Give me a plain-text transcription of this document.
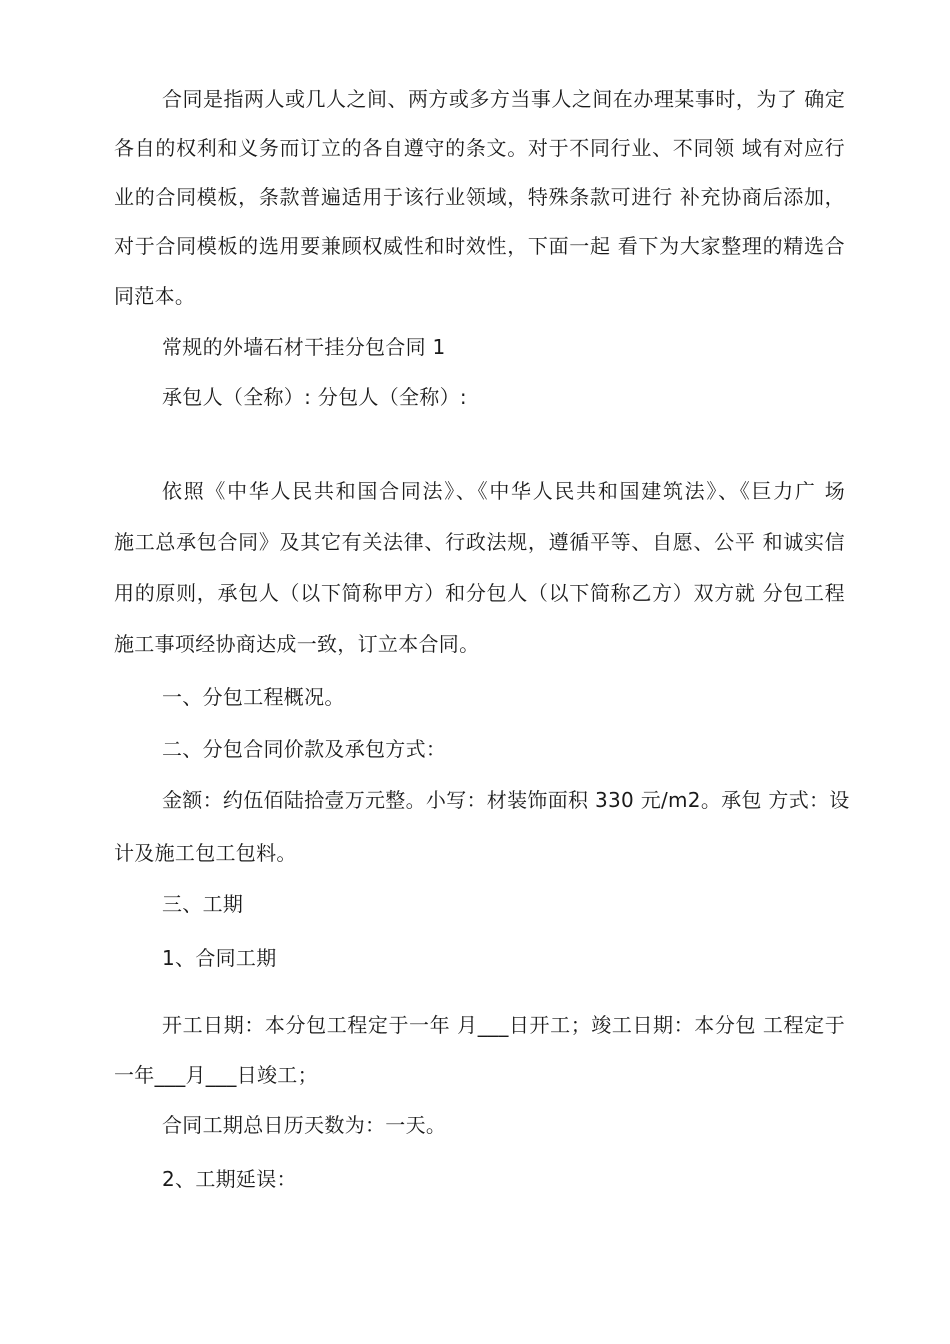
合同是指两人或几人之间、两方或多方当事人之间在办理某事时，为了 确定
各自的权利和义务而订立的各自遵守的条文。对于不同行业、不同领 域有对应行
业的合同模板，条款普遍适用于该行业领域，特殊条款可进行 补充协商后添加，
对于合同模板的选用要兼顾权威性和时效性，下面一起 看下为大家整理的精选合
同范本。
常规的外墙石材干挂分包合同 1
承包人（全称）: 分包人（全称）:
依照《中华人民共和国合同法》、《中华人民共和国建筑法》、《巨力广 场
施工总承包合同》及其它有关法律、行政法规，遵循平等、自愿、公平 和诚实信
用的原则，承包人（以下简称甲方）和分包人（以下简称乙方）双方就 分包工程
施工事项经协商达成一致，订立本合同。
一、分包工程概况。
二、分包合同价款及承包方式：
金额：约伍佰陆拾壹万元整。小写：材装饰面积 330 元/m2。承包 方式：设
计及施工包工包料。
三、工期
1、合同工期
开工日期：本分包工程定于一年 月___日开工；竣工日期：本分包 工程定于
一年___月___日竣工；
合同工期总日历天数为：一天。
2、工期延误：
